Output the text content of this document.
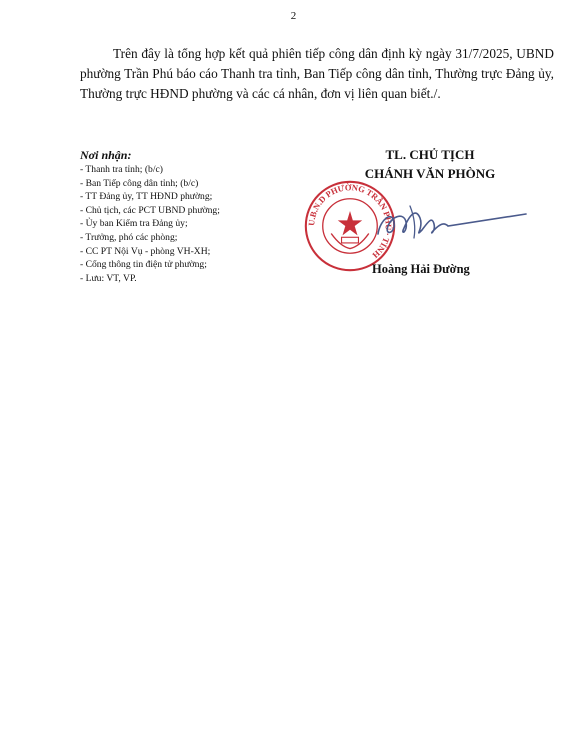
2

Trên đây là tổng hợp kết quả phiên tiếp công dân định kỳ ngày 31/7/2025, UBND phường Trần Phú báo cáo Thanh tra tỉnh, Ban Tiếp công dân tỉnh, Thường trực Đảng ủy, Thường trực HĐND phường và các cá nhân, đơn vị liên quan biết./.

Nơi nhận:
- Thanh tra tỉnh; (b/c)
- Ban Tiếp công dân tỉnh; (b/c)
- TT Đảng ủy, TT HĐND phường;
- Chủ tịch, các PCT UBND phường;
- Ủy ban Kiểm tra Đảng ủy;
- Trưởng, phó các phòng;
- CC PT Nội Vụ - phòng VH-XH;
- Cổng thông tin điện tử phường;
- Lưu: VT, VP.
TL. CHỦ TỊCH
CHÁNH VĂN PHÒNG
U.B.N.D PHƯỜNG TRẦN PHÚ · TỈNH
Hoàng Hải Đường
